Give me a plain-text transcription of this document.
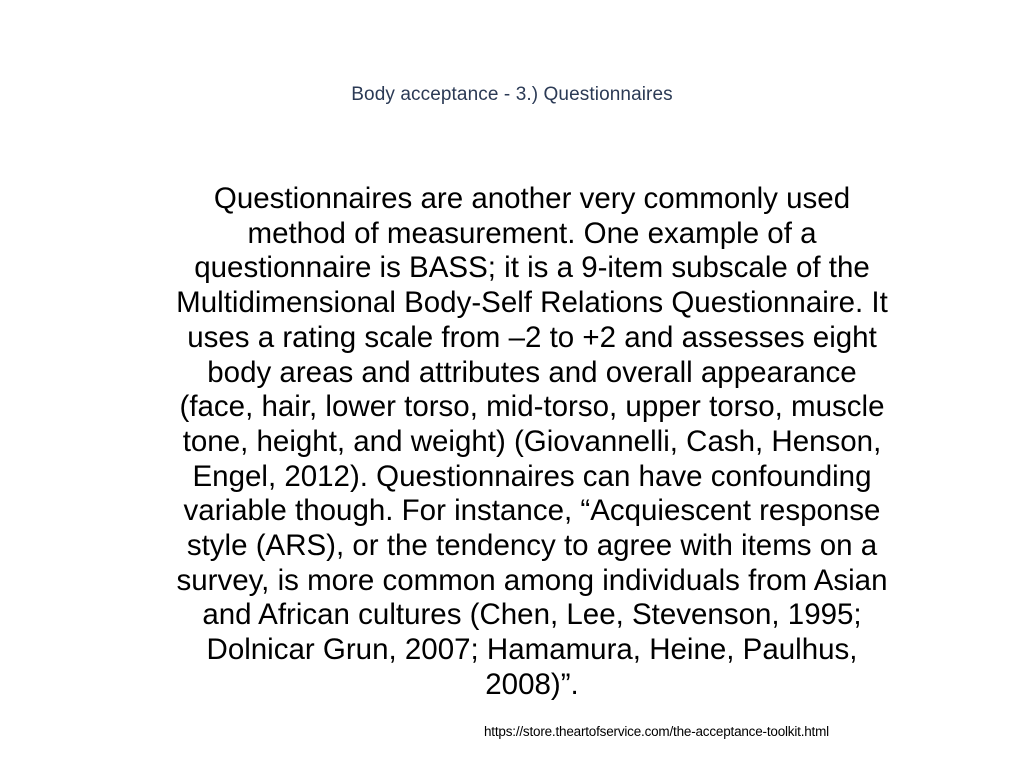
Body acceptance - 3.) Questionnaires

Questionnaires are another very commonly used
method of measurement. One example of a
questionnaire is BASS; it is a 9-item subscale of the
Multidimensional Body-Self Relations Questionnaire. It
uses a rating scale from –2 to +2 and assesses eight
body areas and attributes and overall appearance
(face, hair, lower torso, mid-torso, upper torso, muscle
tone, height, and weight) (Giovannelli, Cash, Henson,
Engel, 2012). Questionnaires can have confounding
variable though. For instance, “Acquiescent response
style (ARS), or the tendency to agree with items on a
survey, is more common among individuals from Asian
and African cultures (Chen, Lee, Stevenson, 1995;
Dolnicar Grun, 2007; Hamamura, Heine, Paulhus,
2008)”.

https://store.theartofservice.com/the-acceptance-toolkit.html
